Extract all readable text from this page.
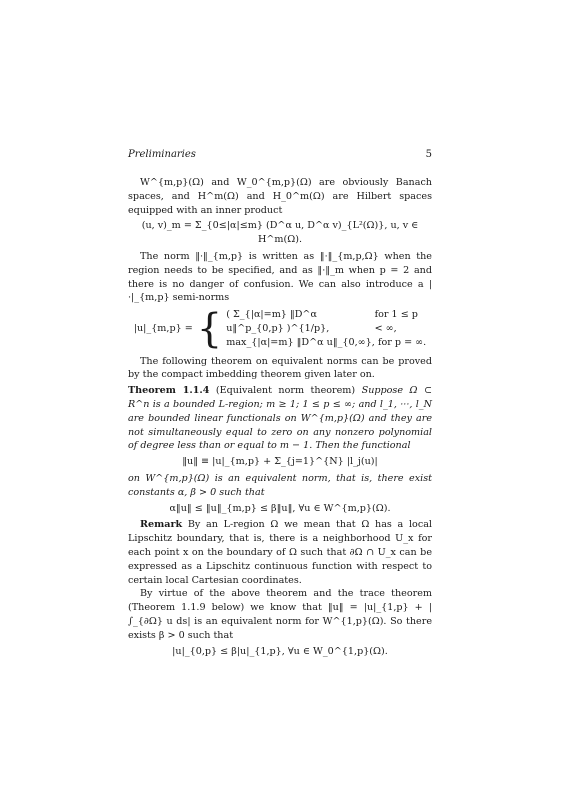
Preliminaries	5

W^{m,p}(Ω) and W_0^{m,p}(Ω) are obviously Banach spaces, and H^m(Ω) and H_0^m(Ω) are Hilbert spaces equipped with an inner product

(u, v)_m = Σ_{0≤|α|≤m} (D^α u, D^α v)_{L²(Ω)}, u, v ∈ H^m(Ω).

The norm ‖·‖_{m,p} is written as ‖·‖_{m,p,Ω} when the region needs to be specified, and as ‖·‖_m when p = 2 and there is no danger of confusion. We can also introduce a |·|_{m,p} semi-norms

|u|_{m,p} = { ( Σ_{|α|=m} ‖D^α u‖^p_{0,p} )^{1/p},
for 1 ≤ p < ∞,
max_{|α|=m} ‖D^α u‖_{0,∞}, for p = ∞.

The following theorem on equivalent norms can be proved by the compact imbedding theorem given later on.

Theorem 1.1.4 (Equivalent norm theorem) Suppose Ω ⊂ R^n is a bounded L-region; m ≥ 1; 1 ≤ p ≤ ∞; and l_1, ···, l_N are bounded linear functionals on W^{m,p}(Ω) and they are not simultaneously equal to zero on any nonzero polynomial of degree less than or equal to m − 1. Then the functional

‖u‖ ≡ |u|_{m,p} + Σ_{j=1}^{N} |l_j(u)|

on W^{m,p}(Ω) is an equivalent norm, that is, there exist constants α, β > 0 such that

α‖u‖ ≤ ‖u‖_{m,p} ≤ β‖u‖, ∀u ∈ W^{m,p}(Ω).

Remark By an L-region Ω we mean that Ω has a local Lipschitz boundary, that is, there is a neighborhood U_x for each point x on the boundary of Ω such that ∂Ω ∩ U_x can be expressed as a Lipschitz continuous function with respect to certain local Cartesian coordinates.

By virtue of the above theorem and the trace theorem (Theorem 1.1.9 below) we know that ‖u‖ = |u|_{1,p} + |∫_{∂Ω} u ds| is an equivalent norm for W^{1,p}(Ω). So there exists β > 0 such that

|u|_{0,p} ≤ β|u|_{1,p}, ∀u ∈ W_0^{1,p}(Ω).
